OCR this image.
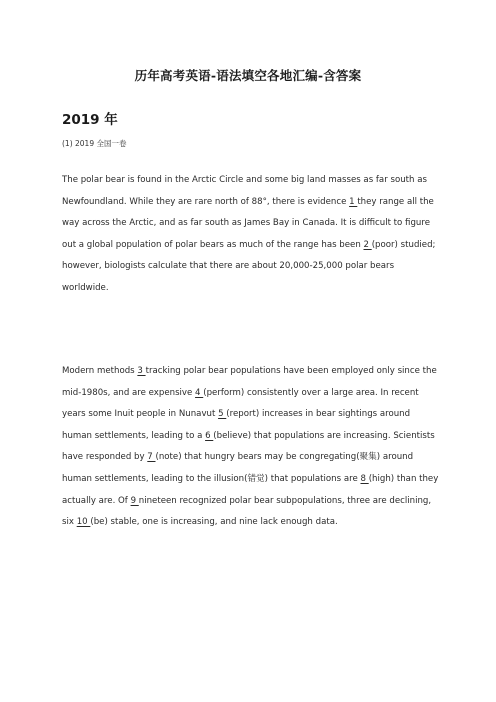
历年高考英语-语法填空各地汇编-含答案
2019 年
(1) 2019 全国一卷

The polar bear is found in the Arctic Circle and some big land masses as far south as Newfoundland. While they are rare north of 88°, there is evidence 1 they range all the way across the Arctic, and as far south as James Bay in Canada. It is difficult to figure out a global population of polar bears as much of the range has been 2 (poor) studied; however, biologists calculate that there are about 20,000-25,000 polar bears worldwide.

Modern methods 3 tracking polar bear populations have been employed only since the mid-1980s, and are expensive 4 (perform) consistently over a large area. In recent years some Inuit people in Nunavut 5 (report) increases in bear sightings around human settlements, leading to a 6 (believe) that populations are increasing. Scientists have responded by 7 (note) that hungry bears may be congregating(聚集) around human settlements, leading to the illusion(错觉) that populations are 8 (high) than they actually are. Of 9 nineteen recognized polar bear subpopulations, three are declining, six 10 (be) stable, one is increasing, and nine lack enough data.
